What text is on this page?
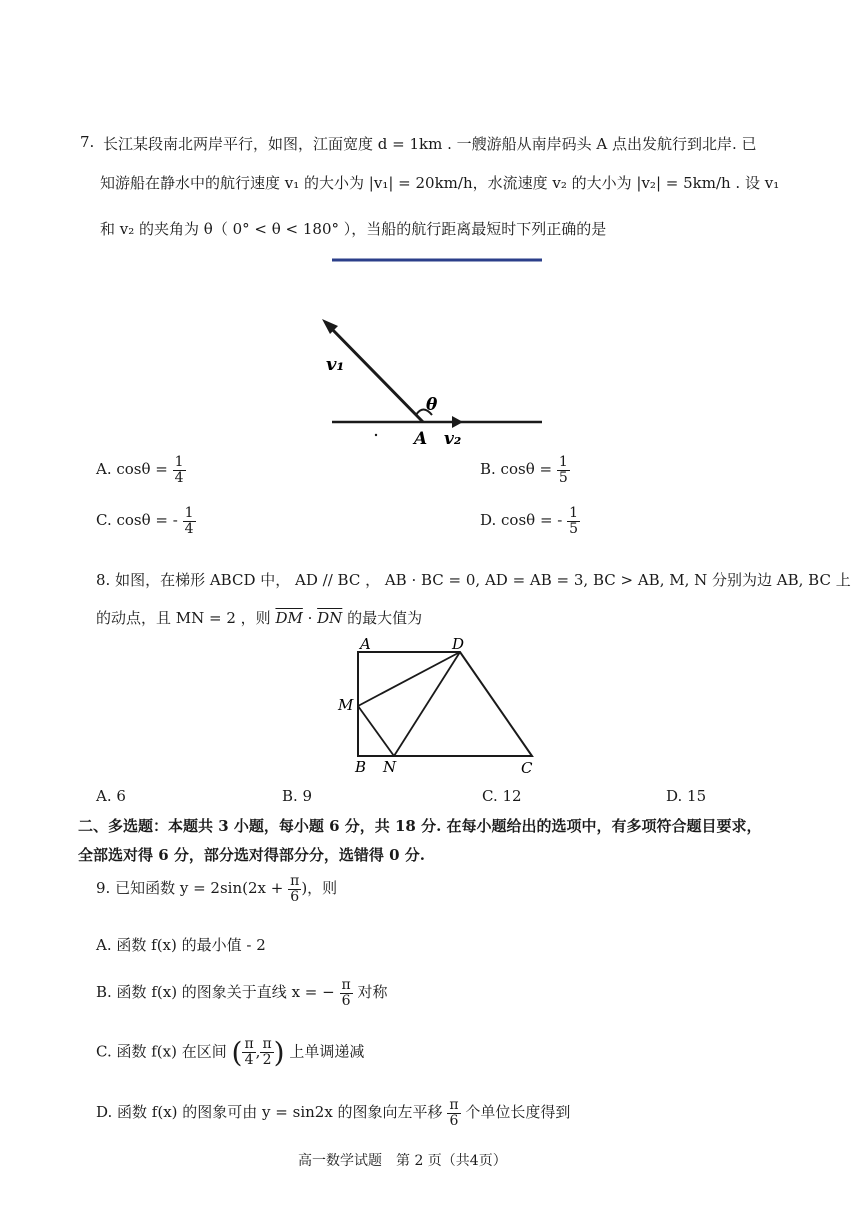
7. 长江某段南北两岸平行，如图，江面宽度 d = 1km . 一艘游船从南岸码头 A 点出发航行到北岸. 已
知游船在静水中的航行速度 v₁ 的大小为 |v₁| = 20km/h，水流速度 v₂ 的大小为 |v₂| = 5km/h . 设 v₁
和 v₂ 的夹角为 θ（ 0° < θ < 180° ），当船的航行距离最短时下列正确的是
v₁
θ
A v₂
A. $\cos\theta = \frac{1}{4}$	B. $\cos\theta = \frac{1}{5}$
C. cosθ = - $\frac{1}{4}$	D. cosθ = - $\frac{1}{5}$
8. 如图，在梯形 ABCD 中， AD // BC ， AB · BC = 0, AD = AB = 3, BC > AB, M, N 分别为边 AB, BC 上
的动点，且 MN = 2 ，则 $\overline{DM} \cdot \overline{DN}$ 的最大值为
A	D
M
B N	C
A. 6	B. 9	C. 12	D. 15
二、多选题：本题共 3 小题，每小题 6 分，共 18 分. 在每小题给出的选项中，有多项符合题目要求，
全部选对得 6 分，部分选对得部分分，选错得 0 分.
9. 已知函数 $y = 2\sin(2x + \frac{\pi}{6}$ )，则
A. 函数 f(x) 的最小值 - 2
B. 函数 f(x) 的图象关于直线 x = − $\frac{\pi}{6}$ 对称
C. 函数 f(x) 在区间 ( $\frac{\pi}{4}$ , $\frac{\pi}{2}$ ) 上单调递减
D. 函数 f(x) 的图象可由 y = sin2x 的图象向左平移 $\frac{\pi}{6}$ 个单位长度得到
高一数学试题　第 2 页（共4页）
